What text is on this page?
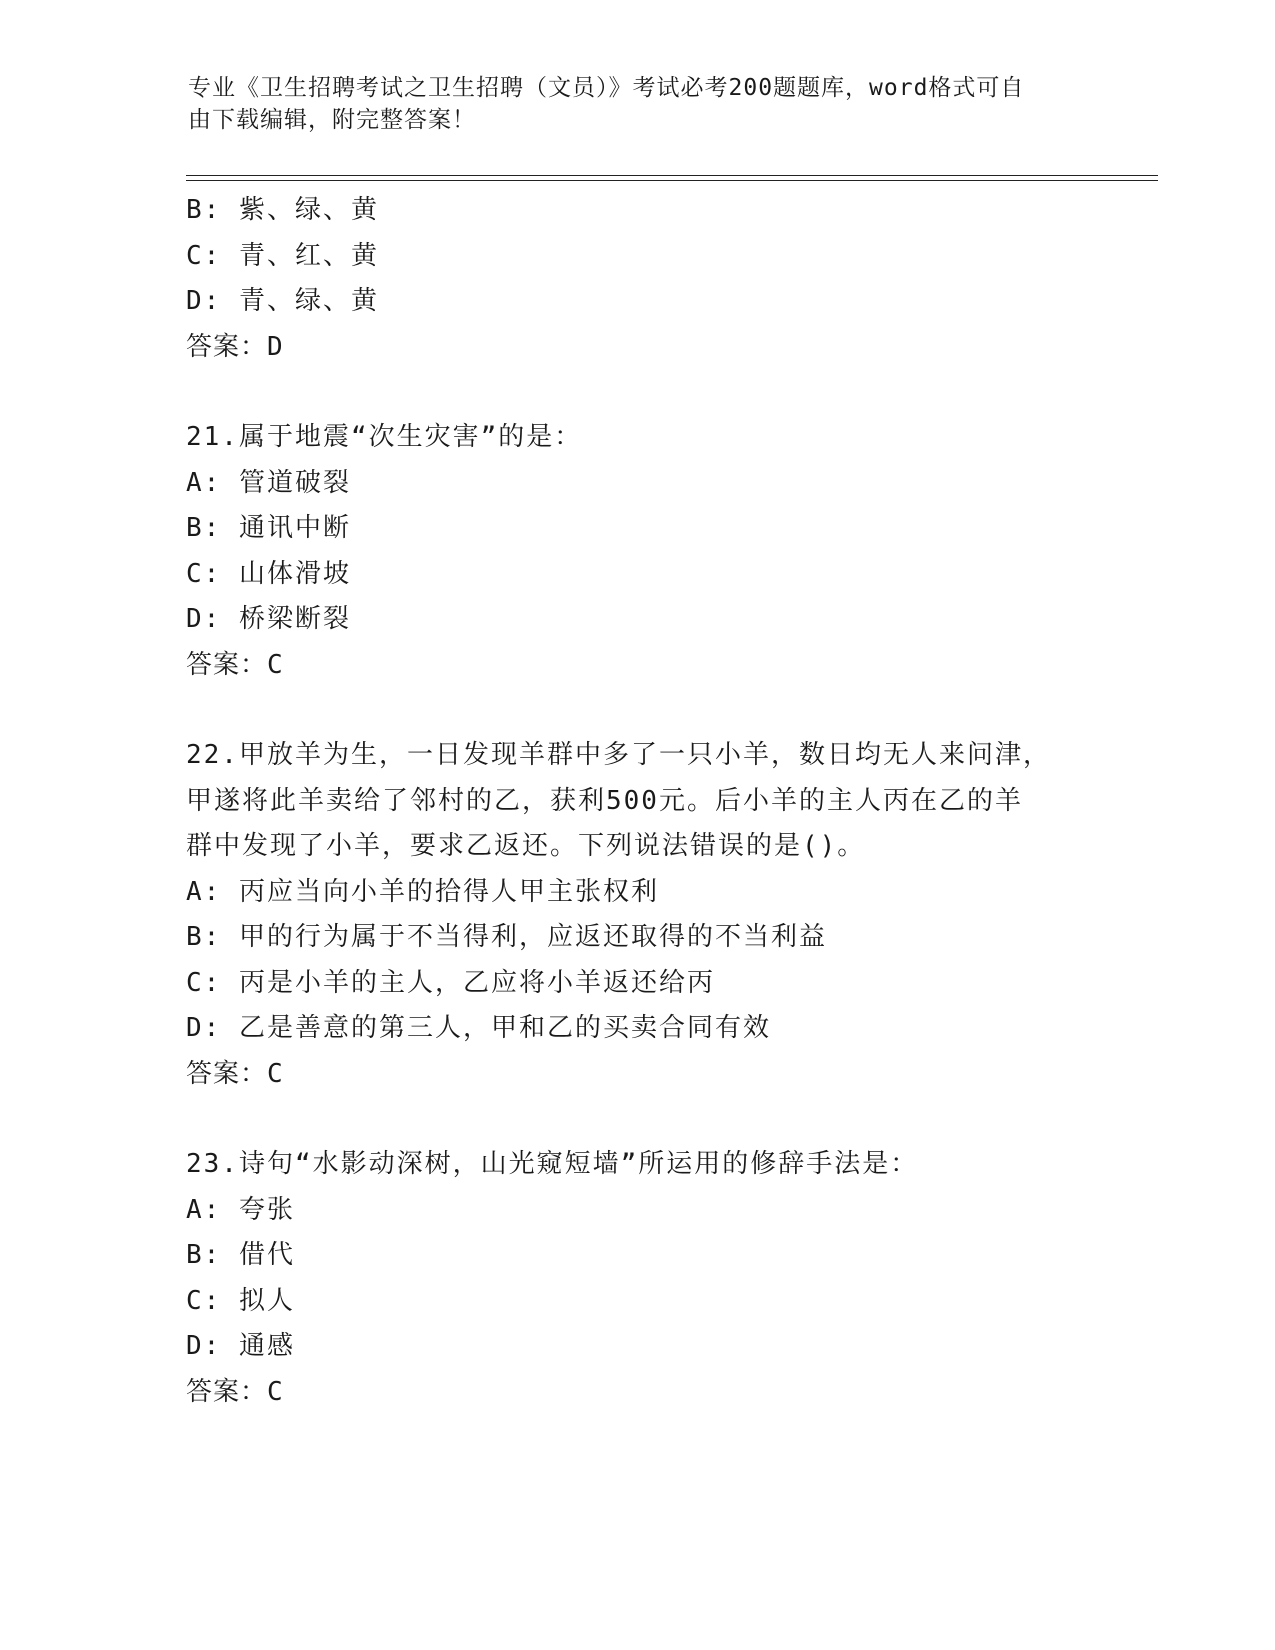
专业《卫生招聘考试之卫生招聘（文员）》考试必考200题题库，word格式可自
由下载编辑，附完整答案！
B: 紫、绿、黄
C: 青、红、黄
D: 青、绿、黄
答案：D
21.属于地震“次生灾害”的是：
A: 管道破裂
B: 通讯中断
C: 山体滑坡
D: 桥梁断裂
答案：C
22.甲放羊为生，一日发现羊群中多了一只小羊，数日均无人来问津，
甲遂将此羊卖给了邻村的乙，获利500元。后小羊的主人丙在乙的羊
群中发现了小羊，要求乙返还。下列说法错误的是()。
A: 丙应当向小羊的拾得人甲主张权利
B: 甲的行为属于不当得利，应返还取得的不当利益
C: 丙是小羊的主人，乙应将小羊返还给丙
D: 乙是善意的第三人，甲和乙的买卖合同有效
答案：C
23.诗句“水影动深树，山光窥短墙”所运用的修辞手法是：
A: 夸张
B: 借代
C: 拟人
D: 通感
答案：C
